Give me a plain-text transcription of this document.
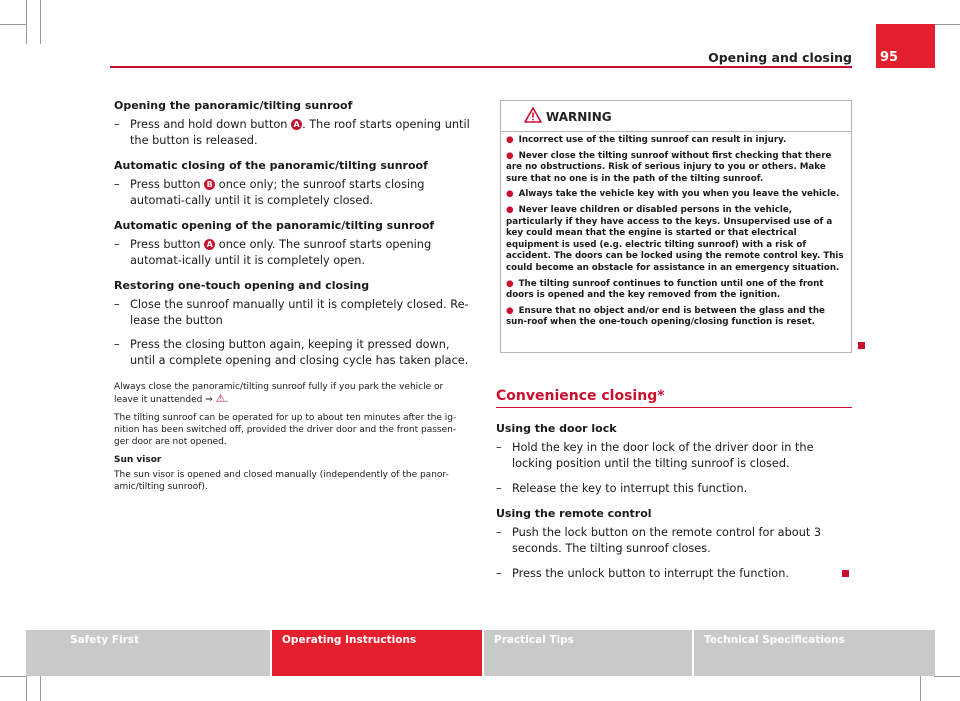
Opening and closing 95

Opening the panoramic/tilting sunroof

– Press and hold down button A . The roof starts opening until the button is released.

Automatic closing of the panoramic/tilting sunroof

– Press button B once only; the sunroof starts closing automati-cally until it is completely closed.

Automatic opening of the panoramic/tilting sunroof

– Press button A once only. The sunroof starts opening automat-ically until it is completely open.

Restoring one-touch opening and closing

– Close the sunroof manually until it is completely closed. Re-lease the button

– Press the closing button again, keeping it pressed down, until a complete opening and closing cycle has taken place.

Always close the panoramic/tilting sunroof fully if you park the vehicle or leave it unattended ⇒ ⚠.

The tilting sunroof can be operated for up to about ten minutes after the ig-nition has been switched off, provided the driver door and the front passen-ger door are not opened.

Sun visor

The sun visor is opened and closed manually (independently of the panor-amic/tilting sunroof).

WARNING

● Incorrect use of the tilting sunroof can result in injury.

● Never close the tilting sunroof without first checking that there are no obstructions. Risk of serious injury to you or others. Make sure that no one is in the path of the tilting sunroof.

● Always take the vehicle key with you when you leave the vehicle.

● Never leave children or disabled persons in the vehicle, particularly if they have access to the keys. Unsupervised use of a key could mean that the engine is started or that electrical equipment is used (e.g. electric tilting sunroof) with a risk of accident. The doors can be locked using the remote control key. This could become an obstacle for assistance in an emergency situation.

● The tilting sunroof continues to function until one of the front doors is opened and the key removed from the ignition.

● Ensure that no object and/or end is between the glass and the sun-roof when the one-touch opening/closing function is reset.

Convenience closing*

Using the door lock

– Hold the key in the door lock of the driver door in the locking position until the tilting sunroof is closed.

– Release the key to interrupt this function.

Using the remote control

– Push the lock button on the remote control for about 3 seconds. The tilting sunroof closes.

– Press the unlock button to interrupt the function.

Safety First	Operating Instructions	Practical Tips	Technical Specifications
